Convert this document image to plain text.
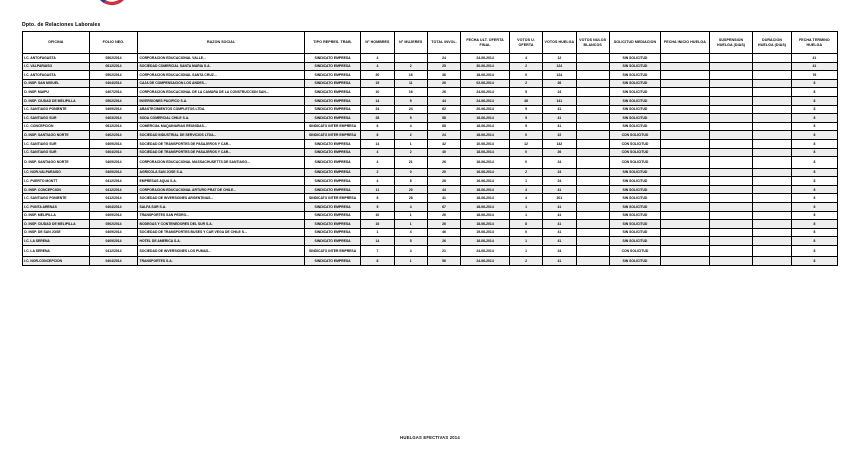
Dpto. de Relaciones Laborales
OFICINA	FOLIO NEG.	RAZON SOCIAL	TIPO REPRES. TRAB.	N° HOMBRES	N° MUJERES	TOTAL INVOL.	FECHA ULT. OFERTA FINAL	VOTOS U. OFERTA	VOTOS HUELGA	VOTOS NULOS BLANCOS	SOLICITUD MEDIACION	FECHA INICIO HUELGA	SUSPENSION HUELGA (DIAS)	DURACION HUELGA (DIAS)	FECHA TERMINO HUELGA
I.C. ANTOFAGASTA	0502/2014	CORPORACION EDUCACIONAL VALLE...	SINDICATO EMPRESA	4		24	24-06-2014	4	12		SIN SOLICITUD				41
I.C. VALPARAISO	0612/2014	SOCIEDAD COMERCIAL SANTA MARIA S.A.	SINDICATO EMPRESA	4	2	25	30-06-2014	2	124		SIN SOLICITUD				41
I.C. ANTOFAGASTA	0502/2014	CORPORACION EDUCACIONAL SANTA CRUZ...	SINDICATO EMPRESA	20	16	36	18-06-2014	0	124		SIN SOLICITUD				76
D. INSP. SAN MIGUEL	0404/2014	CAJA DE COMPENSACION LOS ANDES...	SINDICATO EMPRESA	15	11	26	02-06-2014	2	26		SIN SOLICITUD				8
D. INSP. MAIPU	0407/2014	CORPORACION EDUCACIONAL DE LA CAMARA DE LA CONSTRUCCION SAN...	SINDICATO EMPRESA	10	16	26	24-06-2014	5	24		SIN SOLICITUD				8
D. INSP. CIUDAD DE MELIPILLA	0502/2014	INVERSIONES PACIFICO S.A.	SINDICATO EMPRESA	14	5	44	24-06-2014	48	141		SIN SOLICITUD				8
I.C. SANTIAGO PONIENTE	0409/2014	ABASTECIMIENTOS COMPLETOS LTDA.	SINDICATO EMPRESA	24	24	62	20-06-2014	5	41		SIN SOLICITUD				8
I.C. SANTIAGO SUR	0403/2014	SODA COMERCIAL CHILE S.A.	SINDICATO EMPRESA	28	5	58	16-06-2014	5	41		SIN SOLICITUD				8
I.C. CONCEPCION	0612/2014	COMERCIAL MAQUINARIAS REUNIDAS...	SINDICATO INTER EMPRESA	6	4	68	16-06-2014	5	41		SIN SOLICITUD				8
D. INSP. SANTIAGO NORTE	0402/2014	SOCIEDAD INDUSTRIAL DE SERVICIOS LTDA...	SINDICATO INTER EMPRESA	8	2	24	18-06-2014	0	22		CON SOLICITUD				8
I.C. SANTIAGO SUR	0409/2014	SOCIEDAD DE TRANSPORTES DE PASAJEROS Y CAR...	SINDICATO EMPRESA	14	1	42	10-06-2014	12	142		CON SOLICITUD				8
I.C. SANTIAGO SUR	0404/2014	SOCIEDAD DE TRANSPORTES DE PASAJEROS Y CAR...	SINDICATO EMPRESA	4	2	40	18-06-2014	0	26		CON SOLICITUD				8
D. INSP. SANTIAGO NORTE	0409/2014	CORPORACION EDUCACIONAL MASSACHUSETTS DE SANTIAGO...	SINDICATO EMPRESA	4	21	26	16-06-2014	0	24		CON SOLICITUD				8
I.C. NOR-VALPARAISO	0409/2014	AGRICOLA SAN JOSE S.A.	SINDICATO EMPRESA	2	0	20	16-06-2014	2	24		SIN SOLICITUD				8
I.C. PUERTO MONTT	0412/2014	EMPRESAS AQUA S.A.	SINDICATO EMPRESA	4	8	26	16-06-2014	1	24		SIN SOLICITUD				8
D. INSP. CONCEPCION	0412/2014	CORPORACION EDUCACIONAL ARTURO PRAT DE CHILE...	SINDICATO EMPRESA	11	20	44	18-06-2014	4	41		SIN SOLICITUD				8
I.C. SANTIAGO PONIENTE	0412/2014	SOCIEDAD DE INVERSIONES ARGENTINAS...	SINDICATO INTER EMPRESA	8	28	41	18-06-2014	4	201		SIN SOLICITUD				8
I.C. PUNTA ARENAS	0404/2014	SALFA SUR S.A.	SINDICATO EMPRESA	5	4	67	18-06-2014	1	41		SIN SOLICITUD				8
D. INSP. MELIPILLA	0409/2014	TRANSPORTES SAN PEDRO...	SINDICATO EMPRESA	10	1	26	18-06-2014	1	41		SIN SOLICITUD				8
D. INSP. CIUDAD DE MELIPILLA	0502/2014	BODEGAS Y CONTENEDORES DEL SUR S.A.	SINDICATO EMPRESA	16	1	26	18-06-2014	8	41		SIN SOLICITUD				8
D. INSP. DE SAN JOSE	0409/2014	SOCIEDAD DE TRANSPORTES BUSES Y CAR VEGA DE CHILE S...	SINDICATO EMPRESA	1	4	46	19-06-2014	0	41		SIN SOLICITUD				8
I.C. LA SERENA	0409/2014	HOTEL DE AMERICA S.A.	SINDICATO EMPRESA	14	5	26	16-06-2014	1	41		SIN SOLICITUD				8
I.C. LA SERENA	0412/2014	SOCIEDAD DE INVERSIONES LOS PUMAS...	SINDICATO INTER EMPRESA	7	4	21	24-06-2014	1	24		CON SOLICITUD				8
I.C. NOR-CONCEPCION	0404/2014	TRANSPORTES S.A.	SINDICATO EMPRESA	8	1	56	24-06-2014	2	41		SIN SOLICITUD				8
HUELGAS EFECTIVAS 2014
